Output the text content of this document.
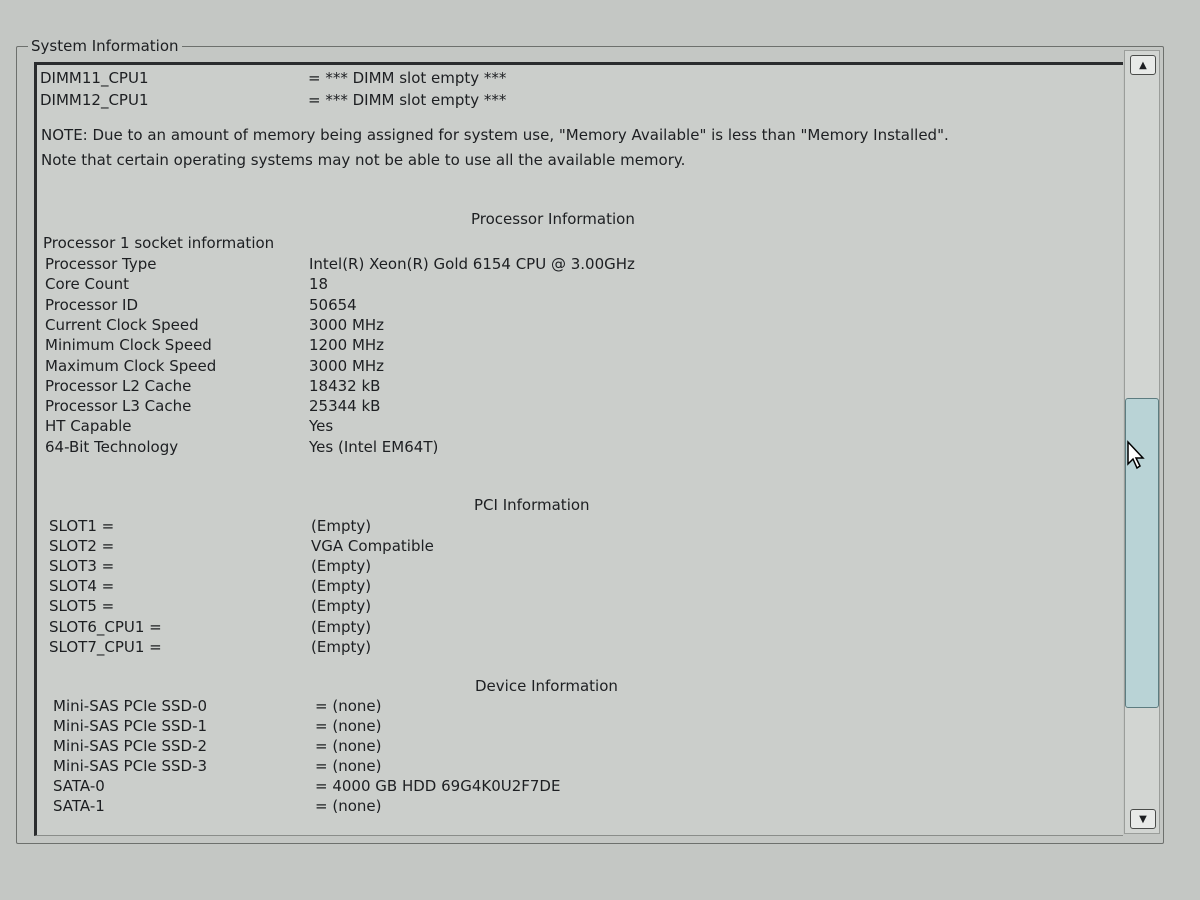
System Information
DIMM11_CPU1	= *** DIMM slot empty ***
DIMM12_CPU1	= *** DIMM slot empty ***
NOTE: Due to an amount of memory being assigned for system use, "Memory Available" is less than "Memory Installed". Note that certain operating systems may not be able to use all the available memory.
Processor Information
Processor 1 socket information
Processor Type	Intel(R) Xeon(R) Gold 6154 CPU @ 3.00GHz
Core Count	18
Processor ID	50654
Current Clock Speed	3000 MHz
Minimum Clock Speed	1200 MHz
Maximum Clock Speed	3000 MHz
Processor L2 Cache	18432 kB
Processor L3 Cache	25344 kB
HT Capable	Yes
64-Bit Technology	Yes (Intel EM64T)
PCI Information
SLOT1 =	(Empty)
SLOT2 =	VGA Compatible
SLOT3 =	(Empty)
SLOT4 =	(Empty)
SLOT5 =	(Empty)
SLOT6_CPU1 =	(Empty)
SLOT7_CPU1 =	(Empty)
Device Information
Mini-SAS PCIe SSD-0	= (none)
Mini-SAS PCIe SSD-1	= (none)
Mini-SAS PCIe SSD-2	= (none)
Mini-SAS PCIe SSD-3	= (none)
SATA-0	= 4000 GB HDD 69G4K0U2F7DE
SATA-1	= (none)
▲
▼
